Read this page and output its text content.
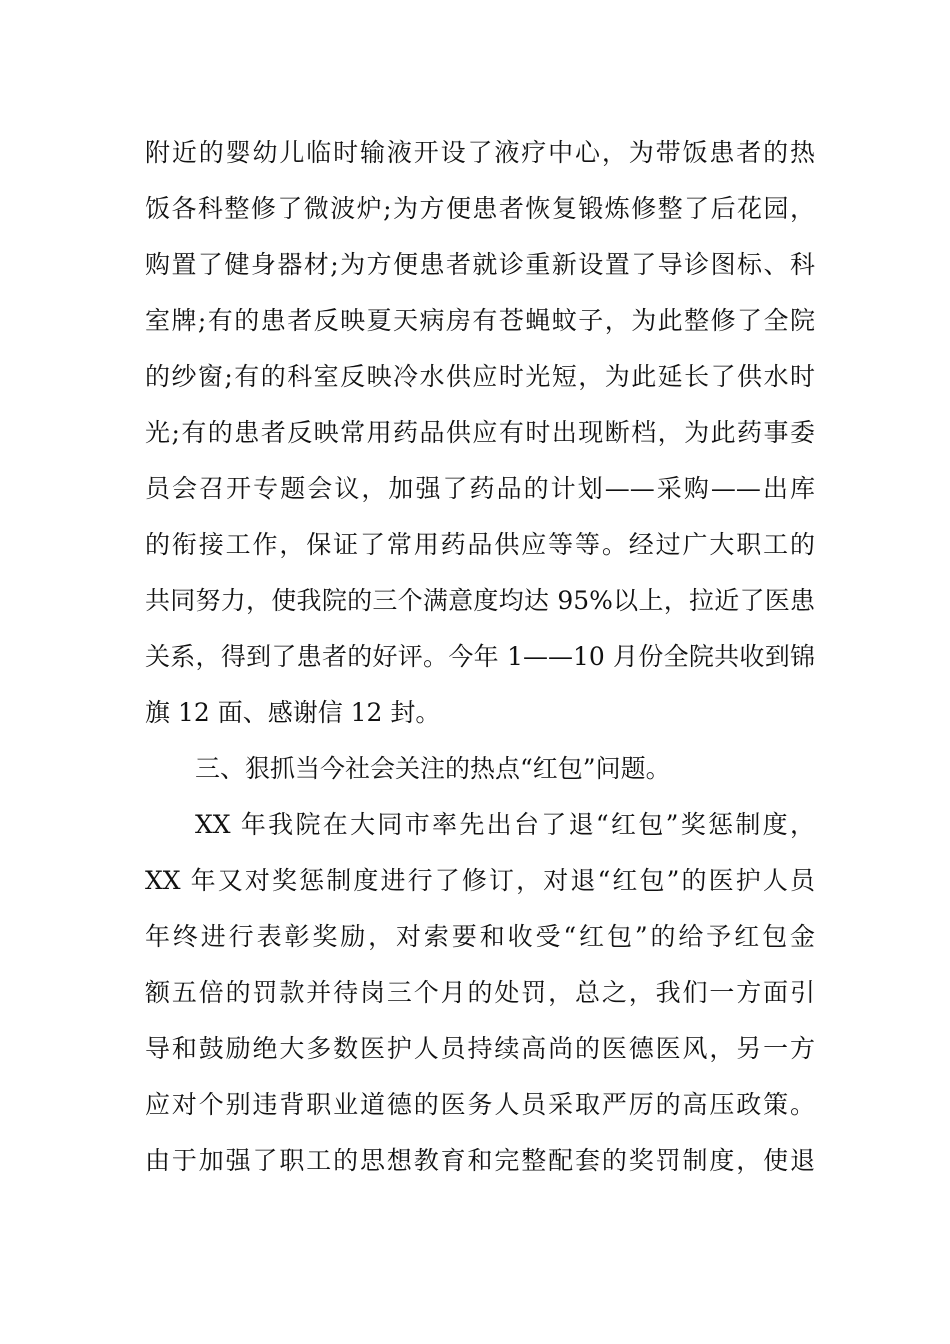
附近的婴幼儿临时输液开设了液疗中心，为带饭患者的热
饭各科整修了微波炉;为方便患者恢复锻炼修整了后花园，
购置了健身器材;为方便患者就诊重新设置了导诊图标、科
室牌;有的患者反映夏天病房有苍蝇蚊子，为此整修了全院
的纱窗;有的科室反映冷水供应时光短，为此延长了供水时
光;有的患者反映常用药品供应有时出现断档，为此药事委
员会召开专题会议，加强了药品的计划——采购——出库
的衔接工作，保证了常用药品供应等等。经过广大职工的
共同努力，使我院的三个满意度均达 95%以上，拉近了医患
关系，得到了患者的好评。今年 1——10 月份全院共收到锦
旗 12 面、感谢信 12 封。
三、狠抓当今社会关注的热点“红包”问题。
XX 年我院在大同市率先出台了退“红包”奖惩制度，
XX 年又对奖惩制度进行了修订，对退“红包”的医护人员
年终进行表彰奖励，对索要和收受“红包”的给予红包金
额五倍的罚款并待岗三个月的处罚，总之，我们一方面引
导和鼓励绝大多数医护人员持续高尚的医德医风，另一方
应对个别违背职业道德的医务人员采取严厉的高压政策。
由于加强了职工的思想教育和完整配套的奖罚制度，使退
